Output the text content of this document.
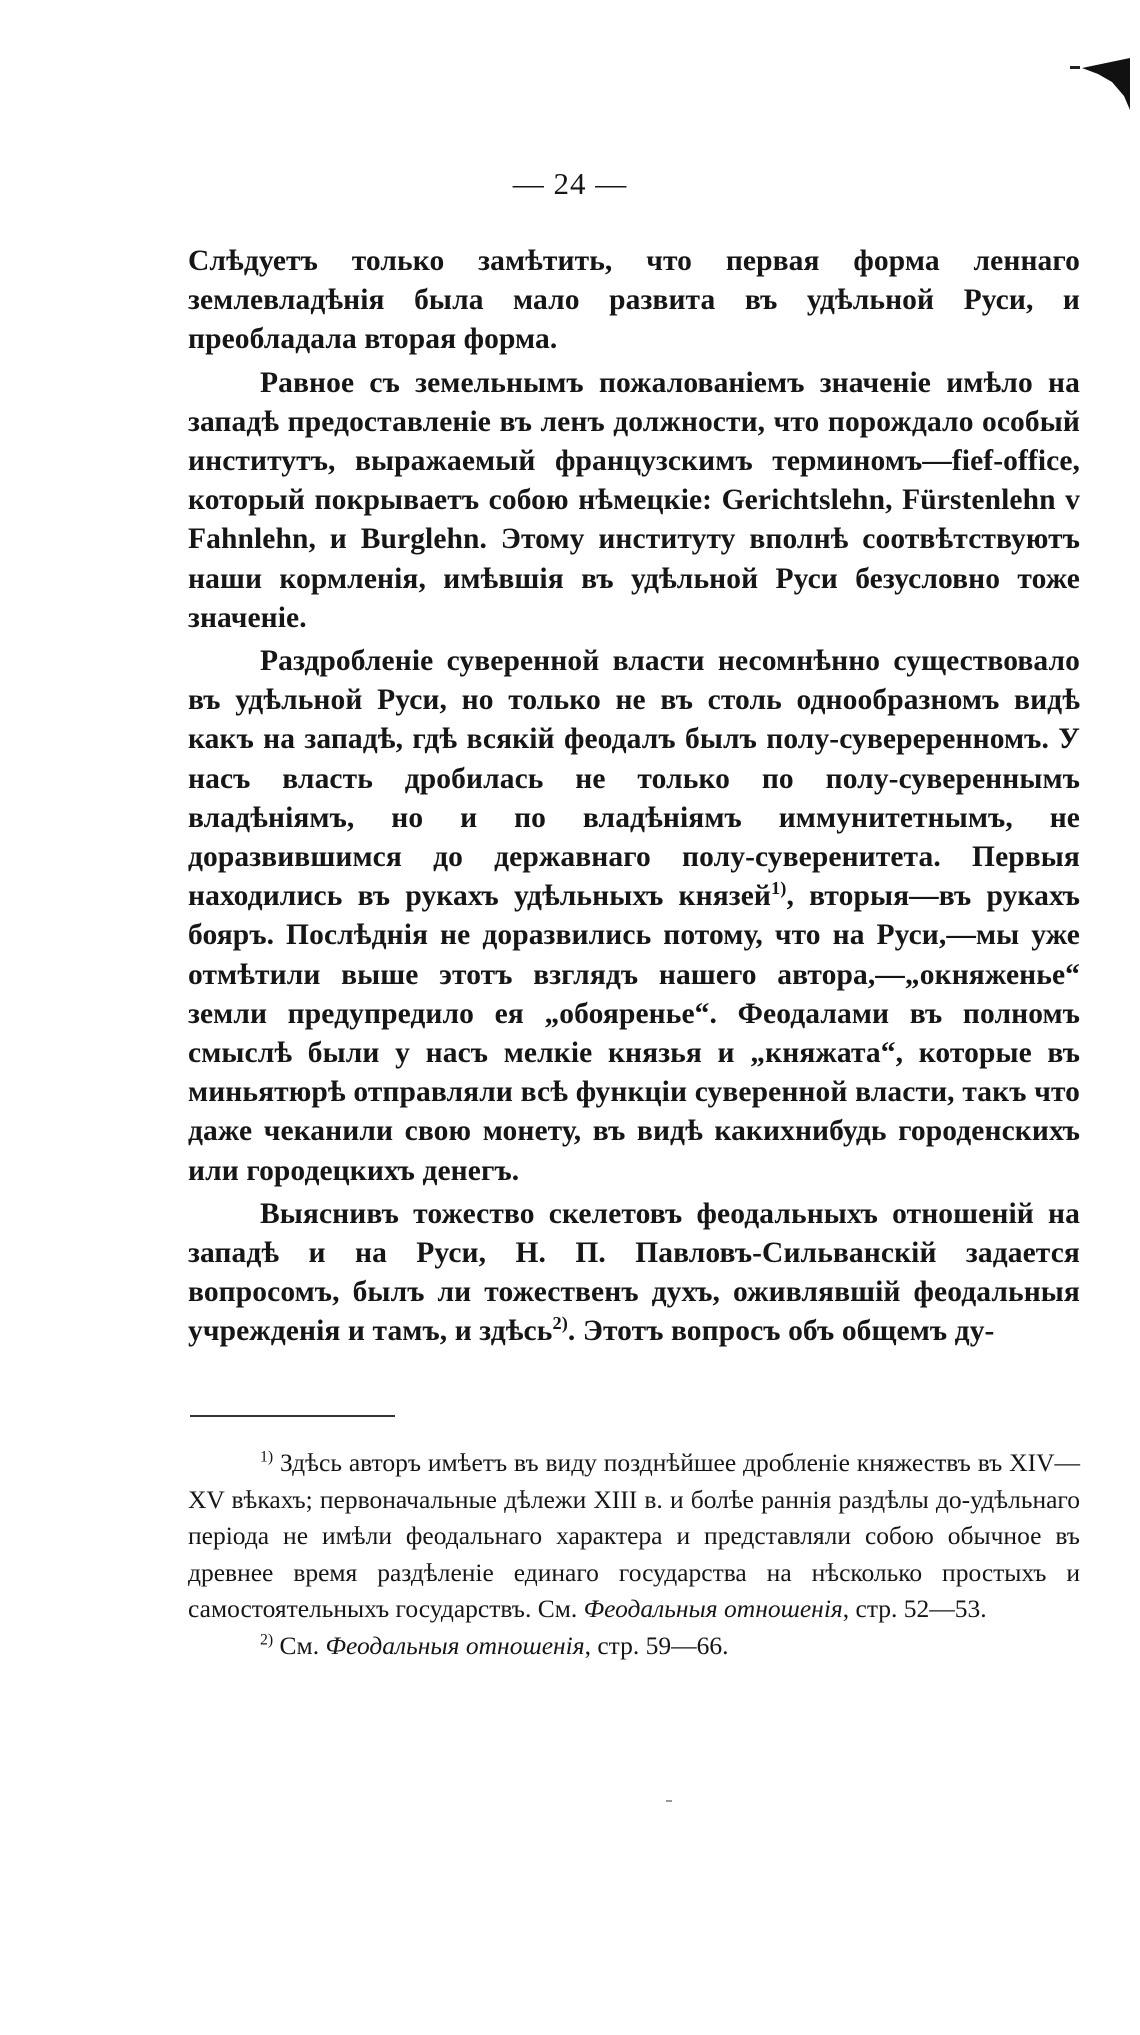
— 24 —

Слѣдуетъ только замѣтить, что первая форма леннаго землевладѣнія была мало развита въ удѣльной Руси, и преобладала вторая форма.

Равное съ земельнымъ пожалованіемъ значеніе имѣло на западѣ предоставленіе въ ленъ должности, что порождало особый институтъ, выражаемый французскимъ терминомъ—fief-office, который покрываетъ собою нѣмецкіе: Gerichtslehn, Fürstenlehn v Fahnlehn, и Burglehn. Этому институту вполнѣ соотвѣтствуютъ наши кормленія, имѣвшія въ удѣльной Руси безусловно тоже значеніе.

Раздробленіе суверенной власти несомнѣнно существовало въ удѣльной Руси, но только не въ столь однообразномъ видѣ какъ на западѣ, гдѣ всякій феодалъ былъ полу-сувереренномъ. У насъ власть дробилась не только по полу-сувереннымъ владѣніямъ, но и по владѣніямъ иммунитетнымъ, не доразвившимся до державнаго полу-суверенитета. Первыя находились въ рукахъ удѣльныхъ князей$^{1)}$, вторыя—въ рукахъ бояръ. Послѣднія не доразвились потому, что на Руси,—мы уже отмѣтили выше этотъ взглядъ нашего автора,—„окняженье“ земли предупредило ея „обояренье“. Феодалами въ полномъ смыслѣ были у насъ мелкіе князья и „княжата“, которые въ миньятюрѣ отправляли всѣ функціи суверенной власти, такъ что даже чеканили свою монету, въ видѣ какихнибудь городенскихъ или городецкихъ денегъ.

Выяснивъ тожество скелетовъ феодальныхъ отношеній на западѣ и на Руси, Н. П. Павловъ-Сильванскій задается вопросомъ, былъ ли тожественъ духъ, оживлявшій феодальныя учрежденія и тамъ, и здѣсь$^{2)}$. Этотъ вопросъ объ общемъ ду-

$^{1)}$ Здѣсь авторъ имѣетъ въ виду позднѣйшее дробленіе княжествъ въ XIV—XV вѣкахъ; первоначальные дѣлежи XIII в. и болѣе раннія раздѣлы до-удѣльнаго періода не имѣли феодальнаго характера и представляли собою обычное въ древнее время раздѣленіе единаго государства на нѣсколько простыхъ и самостоятельныхъ государствъ. См. Феодальныя отношенія, стр. 52—53.

$^{2)}$ См. Феодальныя отношенія, стр. 59—66.
